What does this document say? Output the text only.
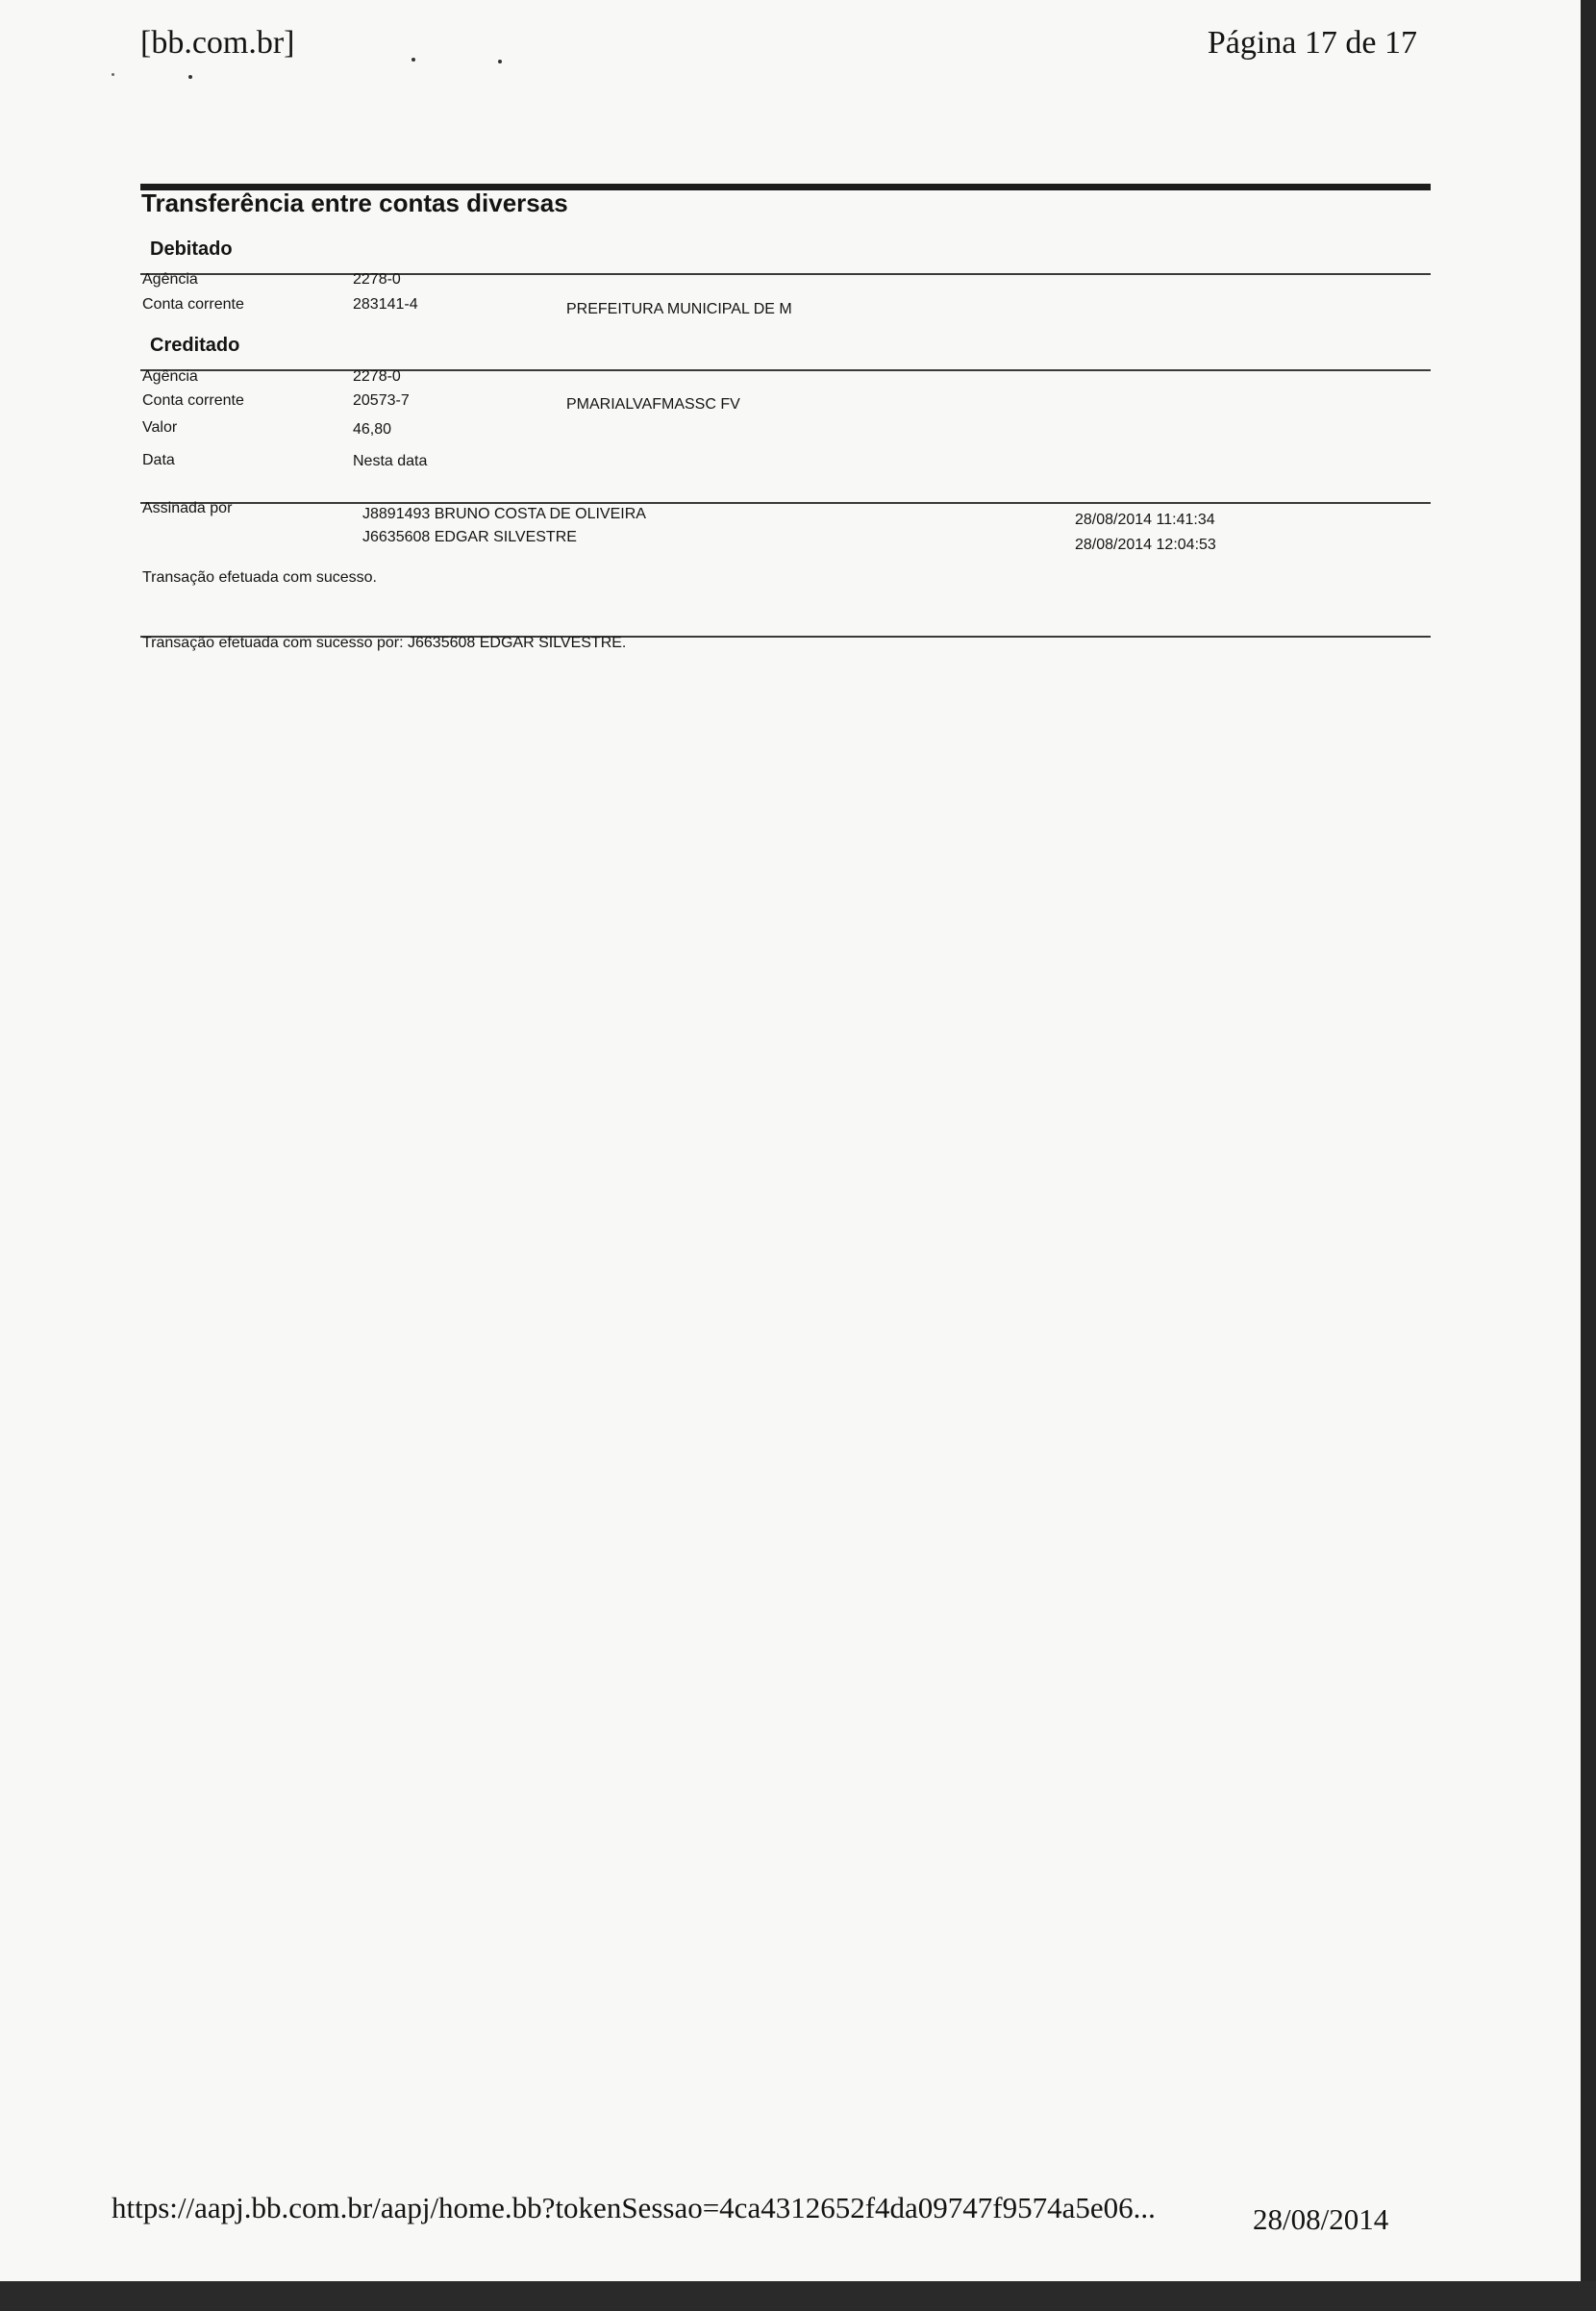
[bb.com.br]	Página 17 de 17
Transferência entre contas diversas
Debitado
Agência	2278-0
Conta corrente	283141-4	PREFEITURA MUNICIPAL DE M
Creditado
Agência	2278-0
Conta corrente	20573-7	PMARIALVAFMASSC FV
Valor	46,80
Data	Nesta data
Assinada por	J8891493 BRUNO COSTA DE OLIVEIRA	28/08/2014 11:41:34
J6635608 EDGAR SILVESTRE	28/08/2014 12:04:53
Transação efetuada com sucesso.
Transação efetuada com sucesso por: J6635608 EDGAR SILVESTRE.
https://aapj.bb.com.br/aapj/home.bb?tokenSessao=4ca4312652f4da09747f9574a5e06...	28/08/2014
